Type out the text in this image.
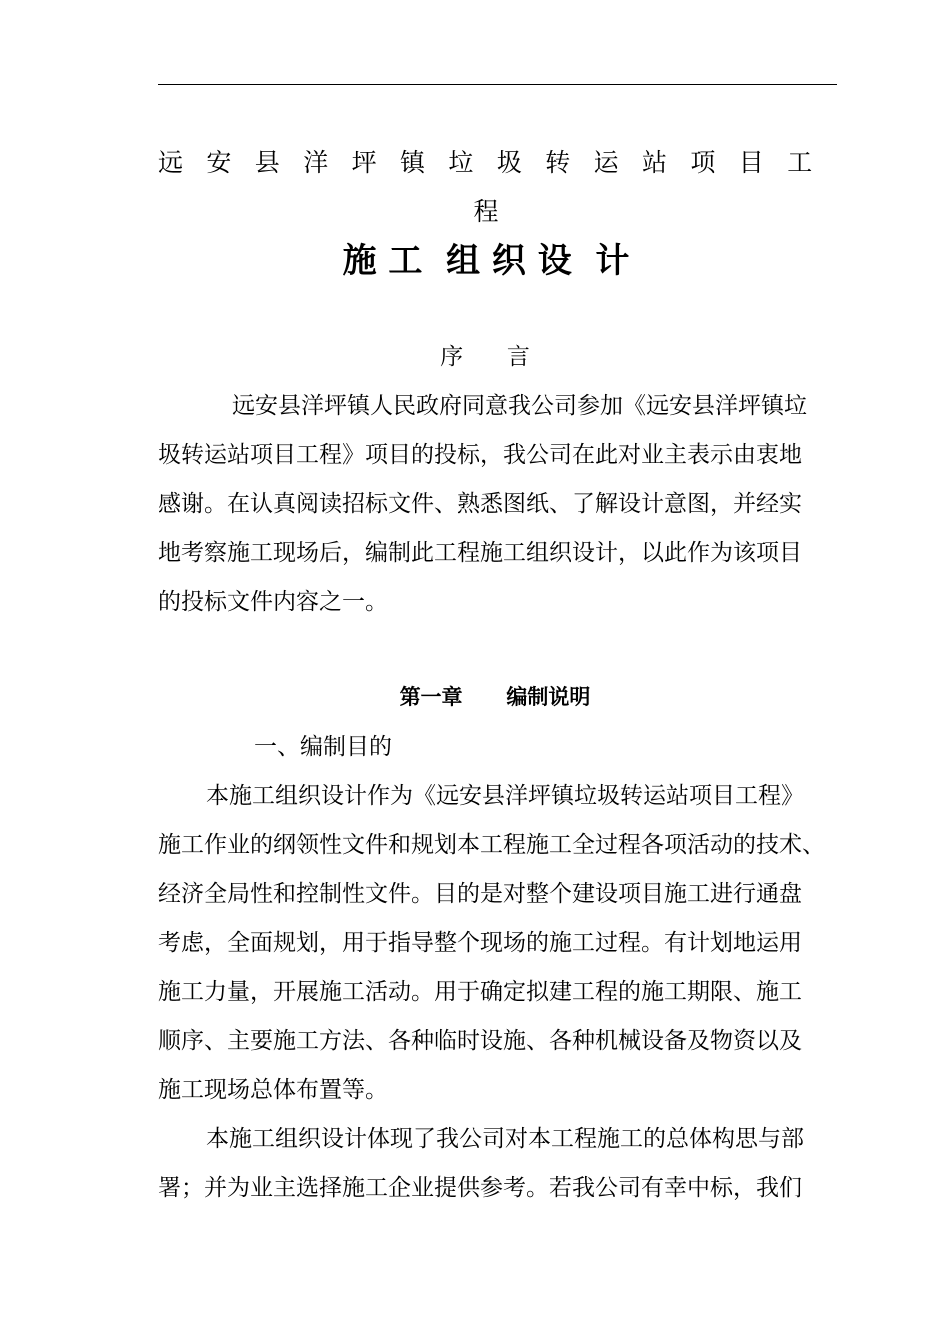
远安县洋坪镇垃圾转运站项目工
程
施 工  组 织 设  计
序      言
远安县洋坪镇人民政府同意我公司参加《远安县洋坪镇垃
圾转运站项目工程》项目的投标，我公司在此对业主表示由衷地
感谢。在认真阅读招标文件、熟悉图纸、了解设计意图，并经实
地考察施工现场后，编制此工程施工组织设计，以此作为该项目
的投标文件内容之一。
第一章      编制说明
一、编制目的
本施工组织设计作为《远安县洋坪镇垃圾转运站项目工程》
施工作业的纲领性文件和规划本工程施工全过程各项活动的技术、
经济全局性和控制性文件。目的是对整个建设项目施工进行通盘
考虑，全面规划，用于指导整个现场的施工过程。有计划地运用
施工力量，开展施工活动。用于确定拟建工程的施工期限、施工
顺序、主要施工方法、各种临时设施、各种机械设备及物资以及
施工现场总体布置等。
本施工组织设计体现了我公司对本工程施工的总体构思与部
署；并为业主选择施工企业提供参考。若我公司有幸中标，我们
